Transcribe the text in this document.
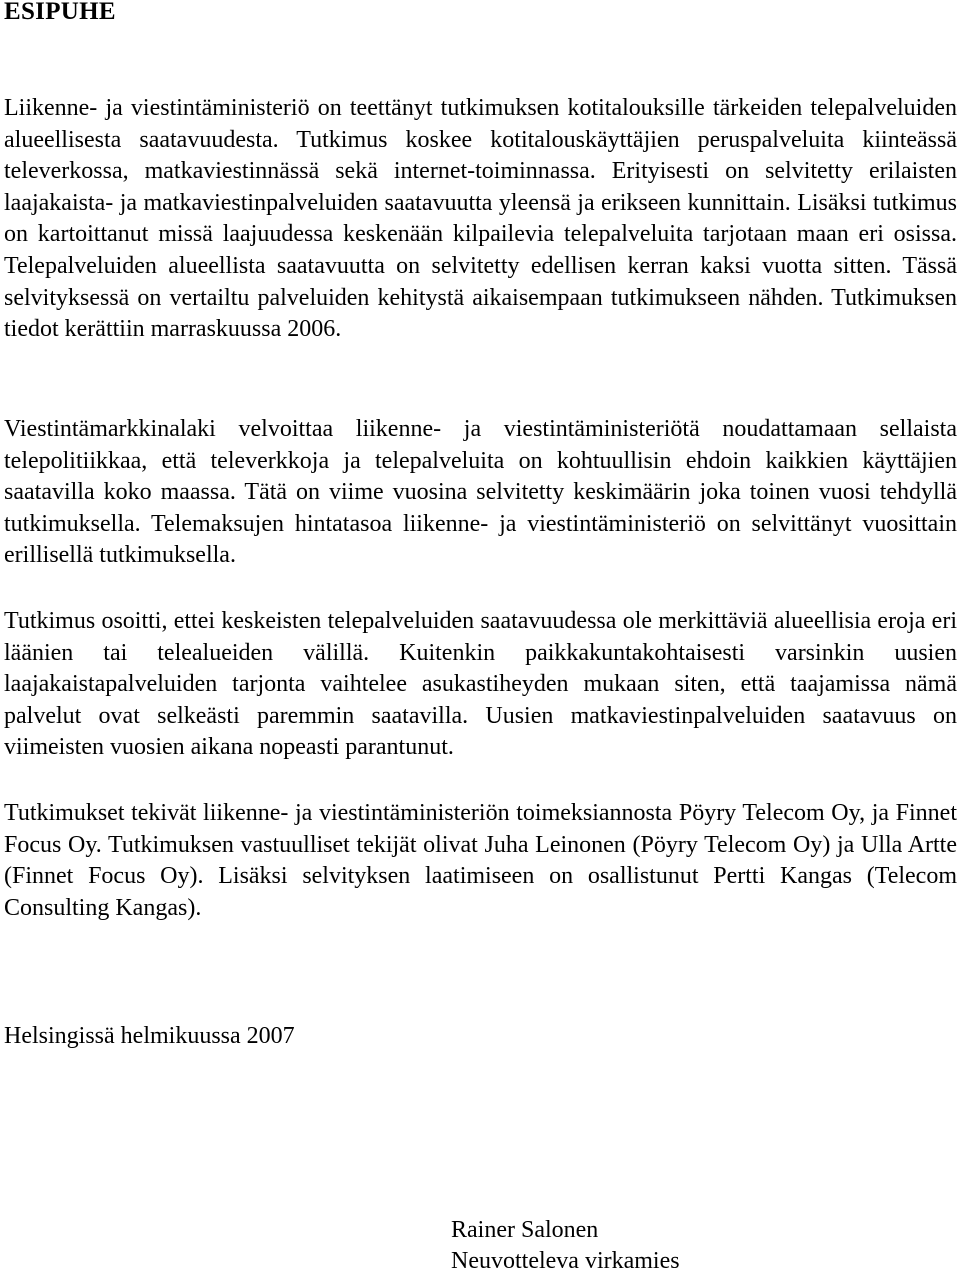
ESIPUHE

Liikenne- ja viestintäministeriö on teettänyt tutkimuksen kotitalouksille tärkeiden telepalveluiden alueellisesta saatavuudesta. Tutkimus koskee kotitalouskäyttäjien peruspalveluita kiinteässä televerkossa, matkaviestinnässä sekä internet-toiminnassa. Erityisesti on selvitetty erilaisten laajakaista- ja matkaviestinpalveluiden saatavuutta yleensä ja erikseen kunnittain. Lisäksi tutkimus on kartoittanut missä laajuudessa keskenään kilpailevia telepalveluita tarjotaan maan eri osissa. Telepalveluiden alueellista saatavuutta on selvitetty edellisen kerran kaksi vuotta sitten. Tässä selvityksessä on vertailtu palveluiden kehitystä aikaisempaan tutkimukseen nähden. Tutkimuksen tiedot kerättiin marraskuussa 2006.

Viestintämarkkinalaki velvoittaa liikenne- ja viestintäministeriötä noudattamaan sellaista telepolitiikkaa, että televerkkoja ja telepalveluita on kohtuullisin ehdoin kaikkien käyttäjien saatavilla koko maassa. Tätä on viime vuosina selvitetty keskimäärin joka toinen vuosi tehdyllä tutkimuksella. Telemaksujen hintatasoa liikenne- ja viestintäministeriö on selvittänyt vuosittain erillisellä tutkimuksella.

Tutkimus osoitti, ettei keskeisten telepalveluiden saatavuudessa ole merkittäviä alueellisia eroja eri läänien tai telealueiden välillä. Kuitenkin paikkakuntakohtaisesti varsinkin uusien laajakaistapalveluiden tarjonta vaihtelee asukastiheyden mukaan siten, että taajamissa nämä palvelut ovat selkeästi paremmin saatavilla. Uusien matkaviestinpalveluiden saatavuus on viimeisten vuosien aikana nopeasti parantunut.

Tutkimukset tekivät liikenne- ja viestintäministeriön toimeksiannosta Pöyry Telecom Oy, ja Finnet Focus Oy. Tutkimuksen vastuulliset tekijät olivat Juha Leinonen (Pöyry Telecom Oy) ja Ulla Artte (Finnet Focus Oy). Lisäksi selvityksen laatimiseen on osallistunut Pertti Kangas (Telecom Consulting Kangas).

Helsingissä helmikuussa 2007

Rainer Salonen
Neuvotteleva virkamies
